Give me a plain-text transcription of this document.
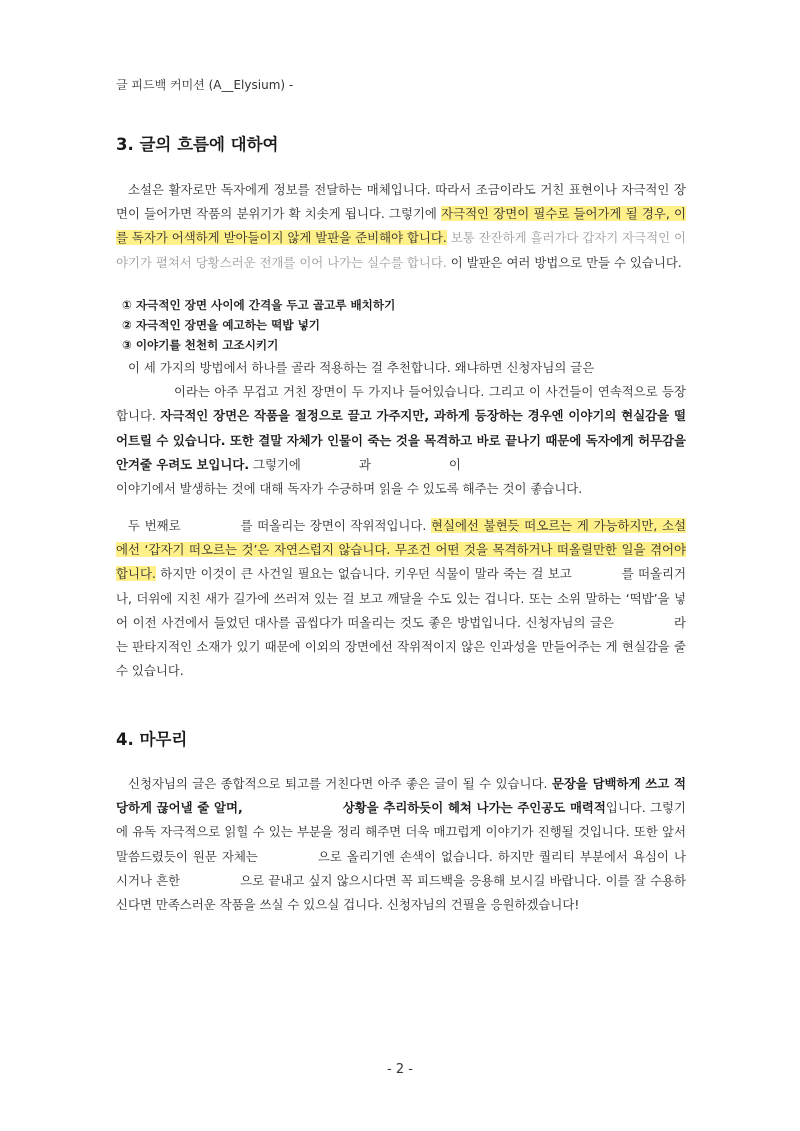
글 피드백 커미션 (A__Elysium) -
3. 글의 흐름에 대하여
소설은 활자로만 독자에게 정보를 전달하는 매체입니다. 따라서 조금이라도 거친 표현이나 자극적인 장면이 들어가면 작품의 분위기가 확 치솟게 됩니다. 그렇기에 자극적인 장면이 필수로 들어가게 될 경우, 이를 독자가 어색하게 받아들이지 않게 발판을 준비해야 합니다. 보통 잔잔하게 흘러가다 갑자기 자극적인 이야기가 펼쳐서 당황스러운 전개를 이어 나가는 실수를 합니다. 이 발판은 여러 방법으로 만들 수 있습니다.
① 자극적인 장면 사이에 간격을 두고 골고루 배치하기
② 자극적인 장면을 예고하는 떡밥 넣기
③ 이야기를 천천히 고조시키기
이 세 가지의 방법에서 하나를 골라 적용하는 걸 추천합니다. 왜냐하면 신청자님의 글은
이라는 아주 무겁고 거친 장면이 두 가지나 들어있습니다. 그리고 이 사건들이 연속적으로 등장합니다. 자극적인 장면은 작품을 절정으로 끌고 가주지만, 과하게 등장하는 경우엔 이야기의 현실감을 떨어트릴 수 있습니다. 또한 결말 자체가 인물이 죽는 것을 목격하고 바로 끝나기 때문에 독자에게 허무감을 안겨줄 우려도 보입니다. 그렇기에	과	이
이야기에서 발생하는 것에 대해 독자가 수긍하며 읽을 수 있도록 해주는 것이 좋습니다.
두 번째로	를 떠올리는 장면이 작위적입니다. 현실에선 불현듯 떠오르는 게 가능하지만, 소설에선 ‘갑자기 떠오르는 것’은 자연스럽지 않습니다. 무조건 어떤 것을 목격하거나 떠올릴만한 일을 겪어야 합니다. 하지만 이것이 큰 사건일 필요는 없습니다. 키우던 식물이 말라 죽는 걸 보고	를 떠올리거나, 더위에 지친 새가 길가에 쓰러져 있는 걸 보고 깨달을 수도 있는 겁니다. 또는 소위 말하는 ‘떡밥’을 넣어 이전 사건에서 들었던 대사를 곱씹다가 떠올리는 것도 좋은 방법입니다. 신청자님의 글은	라는 판타지적인 소재가 있기 때문에 이외의 장면에선 작위적이지 않은 인과성을 만들어주는 게 현실감을 줄 수 있습니다.
4. 마무리
신청자님의 글은 종합적으로 퇴고를 거친다면 아주 좋은 글이 될 수 있습니다. 문장을 담백하게 쓰고 적당하게 끊어낼 줄 알며,	상황을 추리하듯이 헤쳐 나가는 주인공도 매력적입니다. 그렇기에 유독 자극적으로 읽힐 수 있는 부분을 정리 해주면 더욱 매끄럽게 이야기가 진행될 것입니다. 또한 앞서 말씀드렸듯이 원문 자체는	으로 올리기엔 손색이 없습니다. 하지만 퀄리티 부분에서 욕심이 나시거나 흔한	으로 끝내고 싶지 않으시다면 꼭 피드백을 응용해 보시길 바랍니다. 이를 잘 수용하신다면 만족스러운 작품을 쓰실 수 있으실 겁니다. 신청자님의 건필을 응원하겠습니다!
- 2 -
